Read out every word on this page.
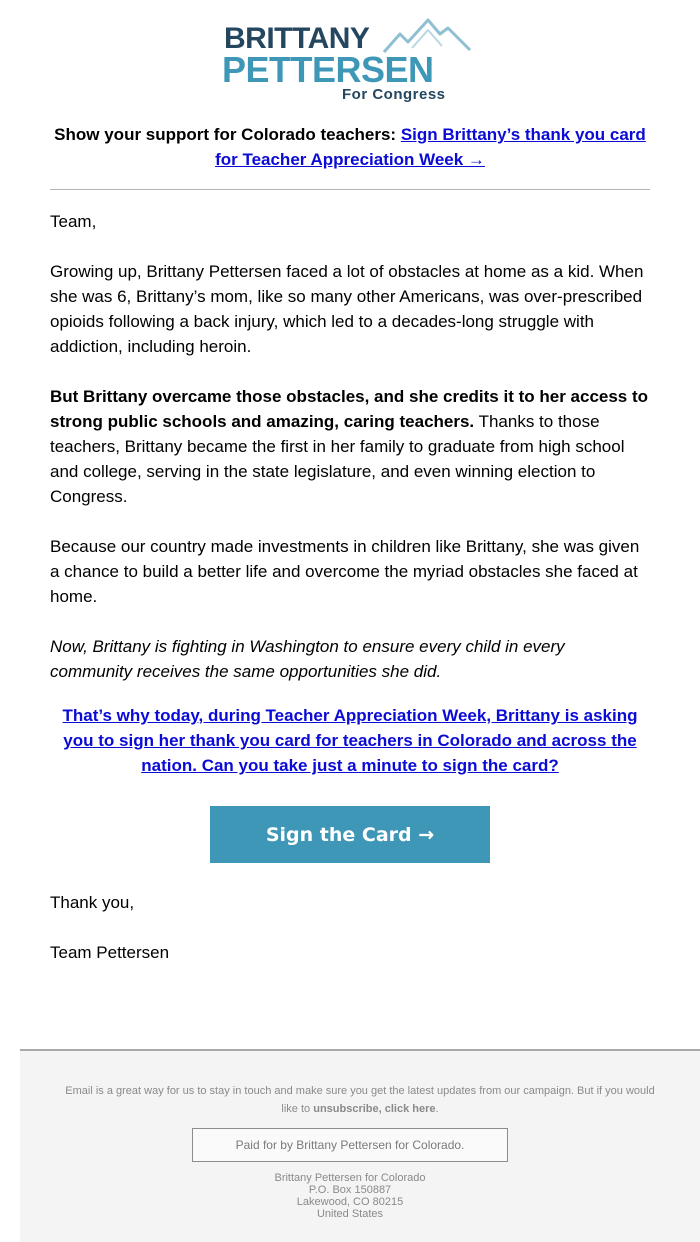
BRITTANY
PETTERSEN
For Congress
Show your support for Colorado teachers: Sign Brittany’s thank you card for Teacher Appreciation Week →

Team,

Growing up, Brittany Pettersen faced a lot of obstacles at home as a kid. When she was 6, Brittany’s mom, like so many other Americans, was over-prescribed opioids following a back injury, which led to a decades-long struggle with addiction, including heroin.

But Brittany overcame those obstacles, and she credits it to her access to strong public schools and amazing, caring teachers. Thanks to those teachers, Brittany became the first in her family to graduate from high school and college, serving in the state legislature, and even winning election to Congress.

Because our country made investments in children like Brittany, she was given a chance to build a better life and overcome the myriad obstacles she faced at home.

Now, Brittany is fighting in Washington to ensure every child in every community receives the same opportunities she did.

That’s why today, during Teacher Appreciation Week, Brittany is asking you to sign her thank you card for teachers in Colorado and across the nation. Can you take just a minute to sign the card?
Sign the Card →

Thank you,

Team Pettersen

Email is a great way for us to stay in touch and make sure you get the latest updates from our campaign. But if you would like to unsubscribe, click here.
Paid for by Brittany Pettersen for Colorado.
Brittany Pettersen for Colorado
P.O. Box 150887
Lakewood, CO 80215
United States
